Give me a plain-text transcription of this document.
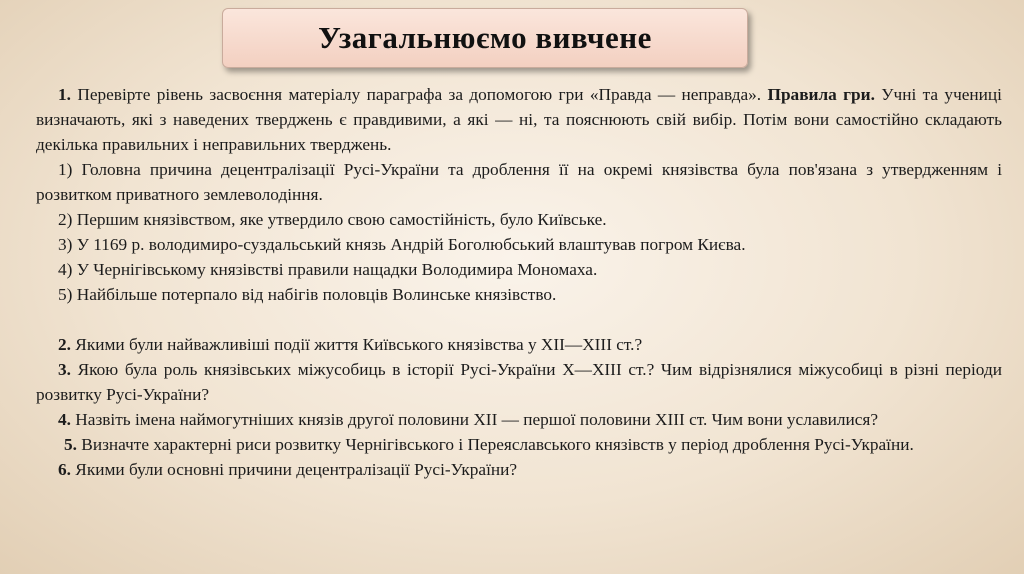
Узагальнюємо вивчене

1. Перевірте рівень засвоєння матеріалу параграфа за допомогою гри «Правда — неправда». Правила гри. Учні та учениці визначають, які з наведених тверджень є правдивими, а які — ні, та пояснюють свій вибір. Потім вони самостійно складають декілька правильних і неправильних тверджень.

1) Головна причина децентралізації Русі-України та дроблення її на окремі князівства була пов'язана з утвердженням і розвитком приватного землеволодіння.

2) Першим князівством, яке утвердило свою самостійність, було Київське.

3) У 1169 р. володимиро-суздальський князь Андрій Боголюбський влаштував погром Києва.

4) У Чернігівському князівстві правили нащадки Володимира Мономаха.

5) Найбільше потерпало від набігів половців Волинське князівство.

2. Якими були найважливіші події життя Київського князівства у XII—XIII ст.?

3. Якою була роль князівських міжусобиць в історії Русі-України X—XIII ст.? Чим відрізнялися міжусобиці в різні періоди розвитку Русі-України?

4. Назвіть імена наймогутніших князів другої половини XII — першої половини XIII ст. Чим вони уславилися?

5. Визначте характерні риси розвитку Чернігівського і Переяславського князівств у період дроблення Русі-України.

6. Якими були основні причини децентралізації Русі-України?
